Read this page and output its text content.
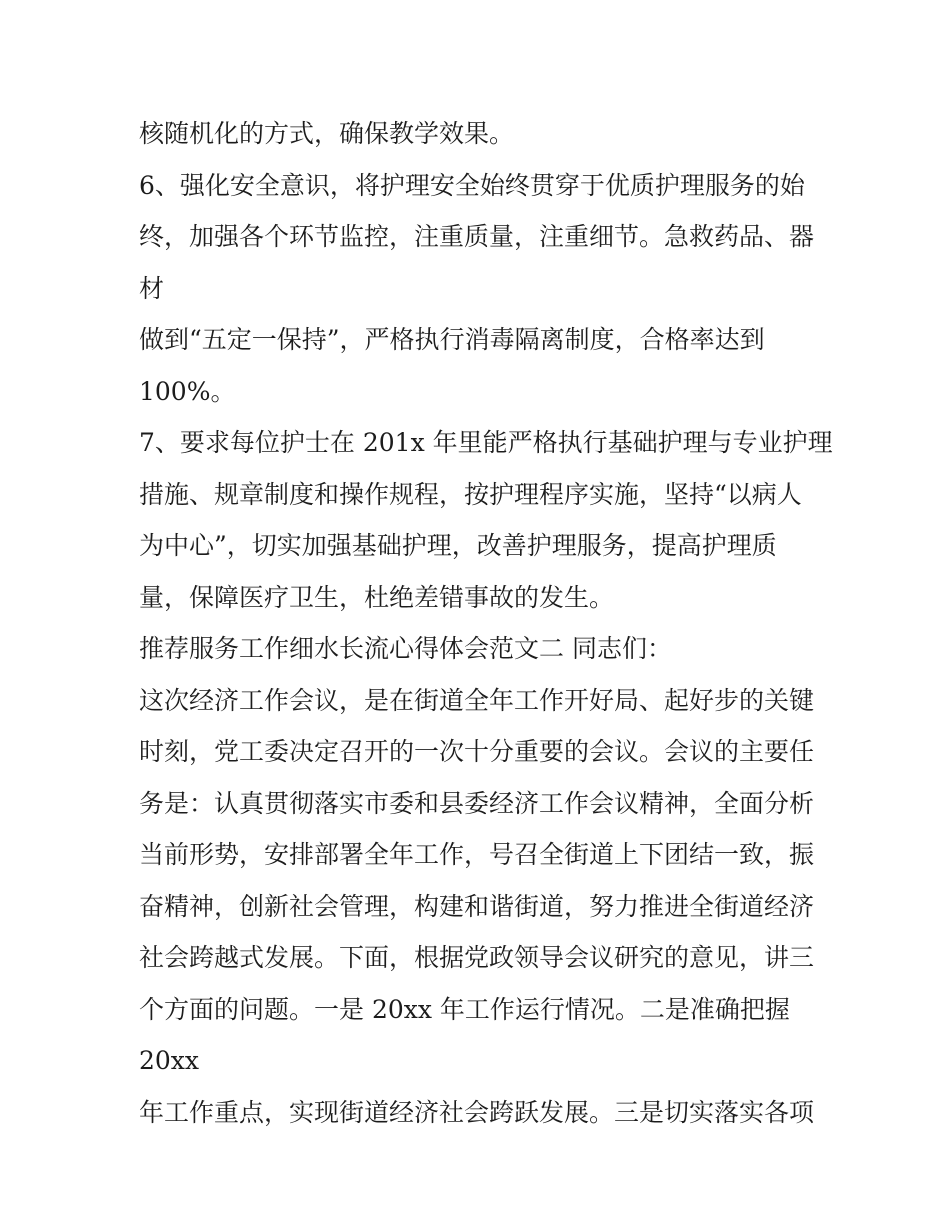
核随机化的方式，确保教学效果。

6、强化安全意识，将护理安全始终贯穿于优质护理服务的始

终，加强各个环节监控，注重质量，注重细节。急救药品、器

材

做到“五定一保持”，严格执行消毒隔离制度，合格率达到

100%。

7、要求每位护士在 201x 年里能严格执行基础护理与专业护理

措施、规章制度和操作规程，按护理程序实施，坚持“以病人

为中心”，切实加强基础护理，改善护理服务，提高护理质

量，保障医疗卫生，杜绝差错事故的发生。

推荐服务工作细水长流心得体会范文二 同志们：

这次经济工作会议，是在街道全年工作开好局、起好步的关键

时刻，党工委决定召开的一次十分重要的会议。会议的主要任

务是：认真贯彻落实市委和县委经济工作会议精神，全面分析

当前形势，安排部署全年工作，号召全街道上下团结一致，振

奋精神，创新社会管理，构建和谐街道，努力推进全街道经济

社会跨越式发展。下面，根据党政领导会议研究的意见，讲三

个方面的问题。一是 20xx 年工作运行情况。二是准确把握

20xx

年工作重点，实现街道经济社会跨跃发展。三是切实落实各项
